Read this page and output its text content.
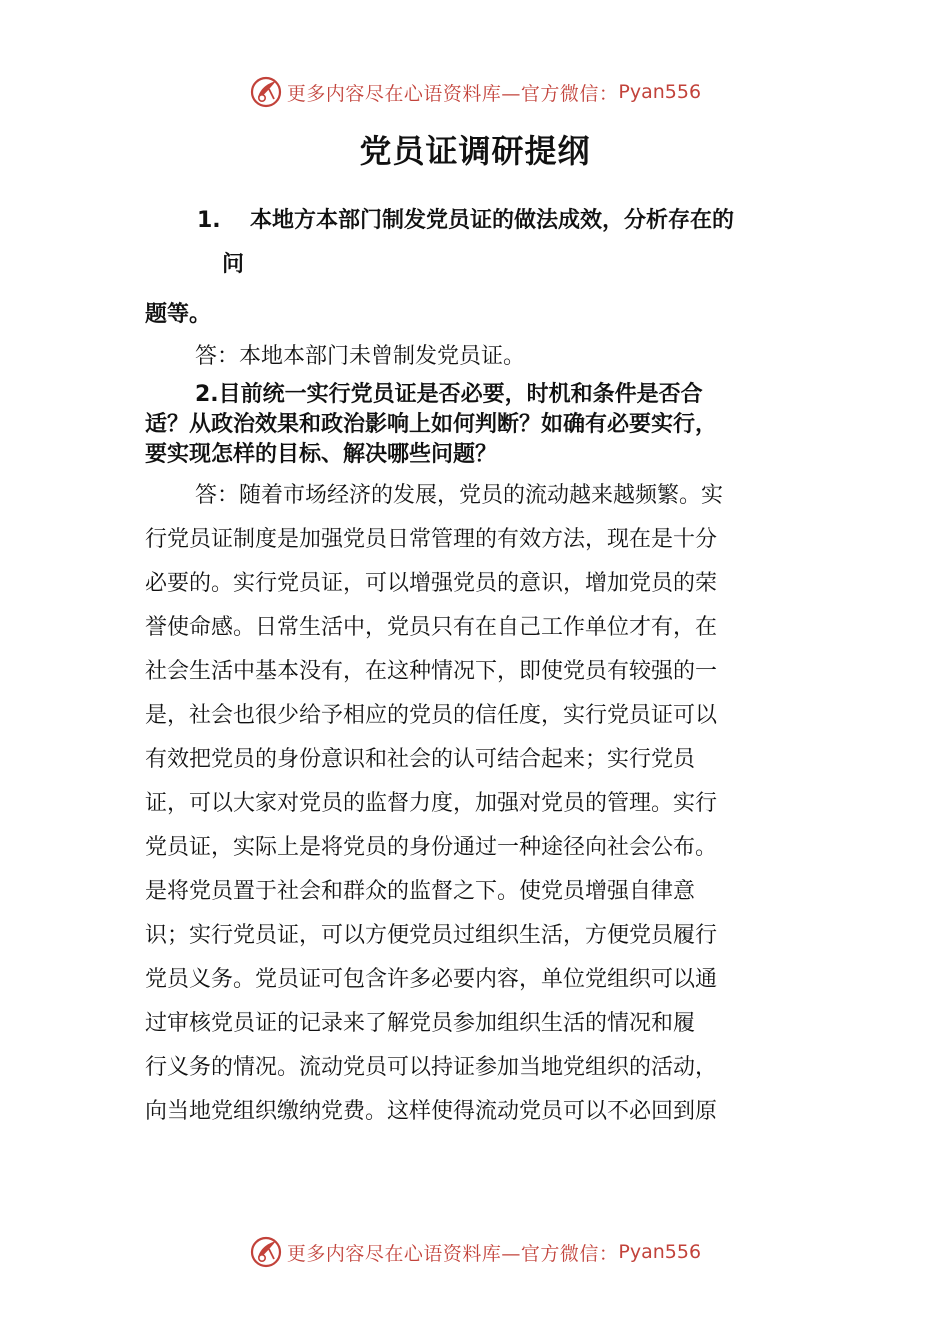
更多内容尽在心语资料库—官方微信： Pyan556
党员证调研提纲
1. 本地方本部门制发党员证的做法成效，分析存在的
问
题等。
答：本地本部门未曾制发党员证。
2.目前统一实行党员证是否必要，时机和条件是否合
适？从政治效果和政治影响上如何判断？如确有必要实行，
要实现怎样的目标、解决哪些问题？
答：随着市场经济的发展，党员的流动越来越频繁。实
行党员证制度是加强党员日常管理的有效方法，现在是十分
必要的。实行党员证，可以增强党员的意识，增加党员的荣
誉使命感。日常生活中，党员只有在自己工作单位才有，在
社会生活中基本没有，在这种情况下，即使党员有较强的一
是，社会也很少给予相应的党员的信任度，实行党员证可以
有效把党员的身份意识和社会的认可结合起来；实行党员
证，可以大家对党员的监督力度，加强对党员的管理。实行
党员证，实际上是将党员的身份通过一种途径向社会公布。
是将党员置于社会和群众的监督之下。使党员增强自律意
识；实行党员证，可以方便党员过组织生活，方便党员履行
党员义务。党员证可包含许多必要内容，单位党组织可以通
过审核党员证的记录来了解党员参加组织生活的情况和履
行义务的情况。流动党员可以持证参加当地党组织的活动，
向当地党组织缴纳党费。这样使得流动党员可以不必回到原
更多内容尽在心语资料库—官方微信： Pyan556
